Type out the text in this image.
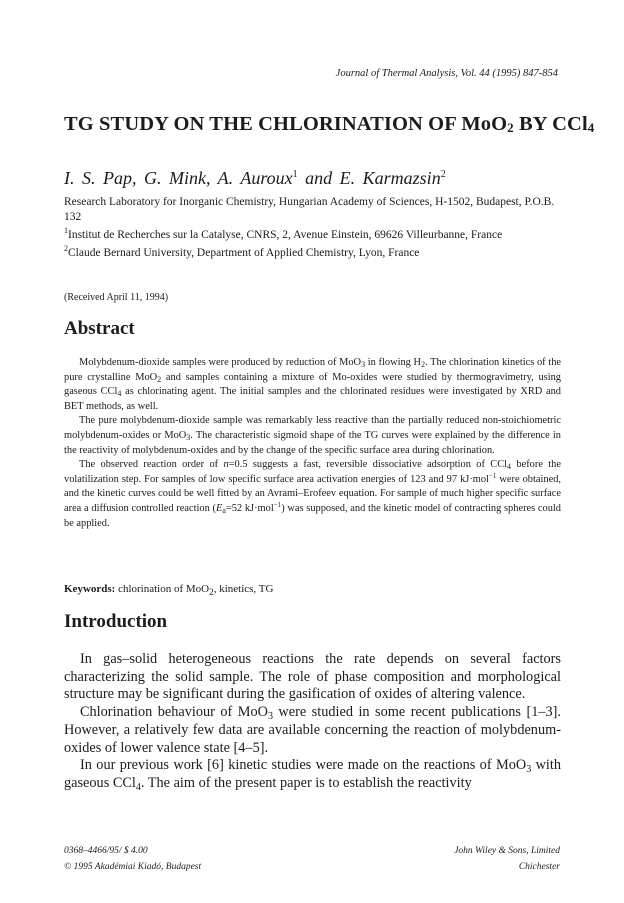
Journal of Thermal Analysis, Vol. 44 (1995) 847-854
TG STUDY ON THE CHLORINATION OF MoO$_2$ BY CCl$_4$
I. S. Pap, G. Mink, A. Auroux$^1$ and E. Karmazsin$^2$

Research Laboratory for Inorganic Chemistry, Hungarian Academy of Sciences, H-1502, Budapest, P.O.B. 132

$^1$Institut de Recherches sur la Catalyse, CNRS, 2, Avenue Einstein, 69626 Villeurbanne, France

$^2$Claude Bernard University, Department of Applied Chemistry, Lyon, France

(Received April 11, 1994)
Abstract

Molybdenum-dioxide samples were produced by reduction of MoO$_3$ in flowing $H_2$. The chlorination kinetics of the pure crystalline MoO$_2$ and samples containing a mixture of Mo-oxides were studied by thermogravimetry, using gaseous CCl$_4$ as chlorinating agent. The initial samples and the chlorinated residues were investigated by XRD and BET methods, as well.

The pure molybdenum-dioxide sample was remarkably less reactive than the partially reduced non-stoichiometric molybdenum-oxides or MoO$_3$. The characteristic sigmoid shape of the TG curves were explained by the difference in the reactivity of molybdenum-oxides and by the change of the specific surface area during chlorination.

The observed reaction order of n=0.5 suggests a fast, reversible dissociative adsorption of CCl$_4$ before the volatilization step. For samples of low specific surface area activation energies of 123 and 97 kJ·mol$^{-1}$ were obtained, and the kinetic curves could be well fitted by an Avrami–Erofeev equation. For sample of much higher specific surface area a diffusion controlled reaction ($E_a=52$ kJ·mol$^{-1}$) was supposed, and the kinetic model of contracting spheres could be applied.

Keywords: chlorination of MoO$_2$, kinetics, TG
Introduction

In gas–solid heterogeneous reactions the rate depends on several factors characterizing the solid sample. The role of phase composition and morphological structure may be significant during the gasification of oxides of altering valence.

Chlorination behaviour of MoO$_3$ were studied in some recent publications [1–3]. However, a relatively few data are available concerning the reaction of molybdenum-oxides of lower valence state [4–5].

In our previous work [6] kinetic studies were made on the reactions of MoO$_3$ with gaseous CCl$_4$. The aim of the present paper is to establish the reactivity

0368–4466/95/ $ 4.00
© 1995 Akadémiai Kiadó, Budapest
John Wiley & Sons, Limited
Chichester
